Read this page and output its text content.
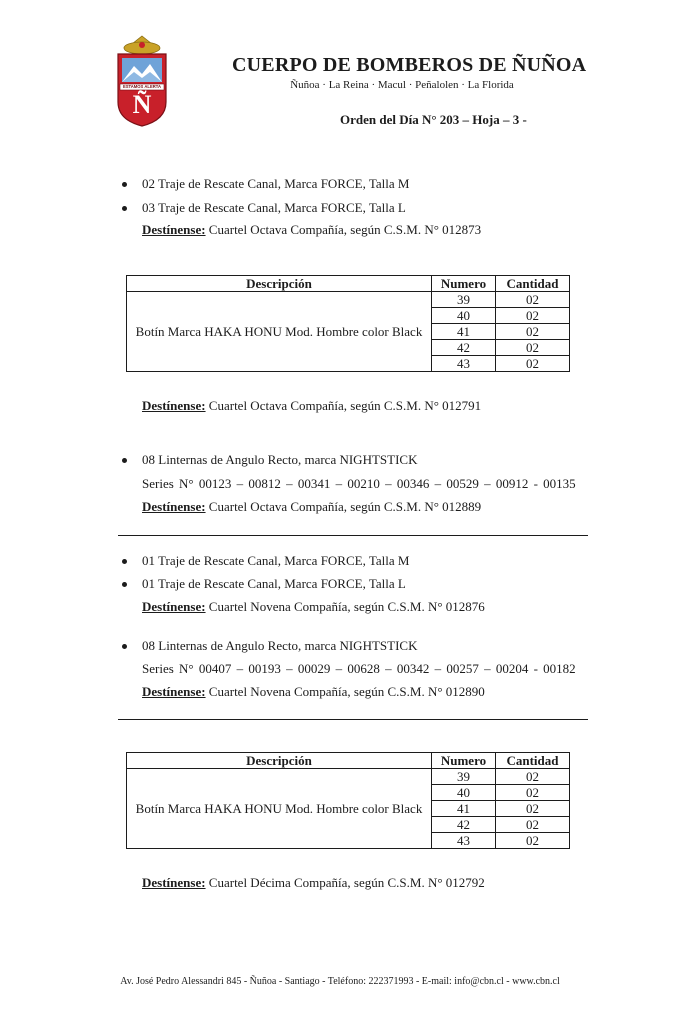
ESTAMOS ALERTA
Ñ
CUERPO DE BOMBEROS DE ÑUÑOA
Ñuñoa · La Reina · Macul · Peñalolen · La Florida
Orden del Día N° 203 – Hoja – 3 -
02 Traje de Rescate Canal, Marca FORCE, Talla M
03 Traje de Rescate Canal, Marca FORCE, Talla L
Destínense: Cuartel Octava Compañía, según C.S.M. N° 012873
Descripción	Numero	Cantidad
Botín Marca HAKA HONU Mod. Hombre color Black	39	02
	40	02
	41	02
	42	02
	43	02
Destínense: Cuartel Octava Compañía, según C.S.M. N° 012791
08 Linternas de Angulo Recto, marca NIGHTSTICK
Series N° 00123 – 00812 – 00341 – 00210 – 00346 – 00529 – 00912 - 00135
Destínense: Cuartel Octava Compañía, según C.S.M. N° 012889
01 Traje de Rescate Canal, Marca FORCE, Talla M
01 Traje de Rescate Canal, Marca FORCE, Talla L
Destínense: Cuartel Novena Compañía, según C.S.M. N° 012876
08 Linternas de Angulo Recto, marca NIGHTSTICK
Series N° 00407 – 00193 – 00029 – 00628 – 00342 – 00257 – 00204 - 00182
Destínense: Cuartel Novena Compañía, según C.S.M. N° 012890
Descripción	Numero	Cantidad
Botín Marca HAKA HONU Mod. Hombre color Black	39	02
	40	02
	41	02
	42	02
	43	02
Destínense: Cuartel Décima Compañía, según C.S.M. N° 012792
Av. José Pedro Alessandri 845 - Ñuñoa - Santiago - Teléfono: 222371993 - E-mail: info@cbn.cl - www.cbn.cl
